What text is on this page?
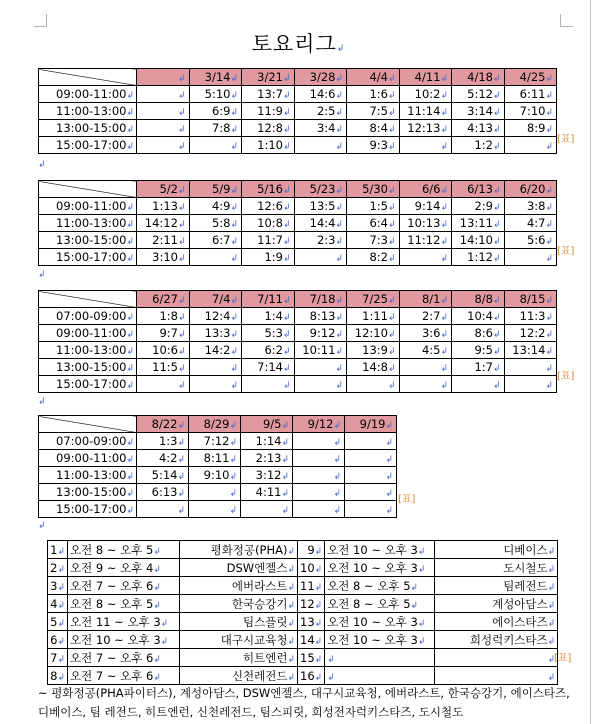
토요리그↲
	↲	3/14↲	3/21↲	3/28↲	4/4↲	4/11↲	4/18↲	4/25↲
09:00-11:00↲	↲	5:10↲	13:7↲	14:6↲	1:6↲	10:2↲	5:12↲	6:11↲
11:00-13:00↲	↲	6:9↲	11:9↲	2:5↲	7:5↲	11:14↲	3:14↲	7:10↲
13:00-15:00↲	↲	7:8↲	12:8↲	3:4↲	8:4↲	12:13↲	4:13↲	8:9↲
15:00-17:00↲	↲	↲	1:10↲	↲	9:3↲	↲	1:2↲	↲
[표]
	5/2↲	5/9↲	5/16↲	5/23↲	5/30↲	6/6↲	6/13↲	6/20↲
09:00-11:00↲	1:13↲	4:9↲	12:6↲	13:5↲	1:5↲	9:14↲	2:9↲	3:8↲
11:00-13:00↲	14:12↲	5:8↲	10:8↲	14:4↲	6:4↲	10:13↲	13:11↲	4:7↲
13:00-15:00↲	2:11↲	6:7↲	11:7↲	2:3↲	7:3↲	11:12↲	14:10↲	5:6↲
15:00-17:00↲	3:10↲	↲	1:9↲	↲	8:2↲	↲	1:12↲	↲
[표]
	6/27↲	7/4↲	7/11↲	7/18↲	7/25↲	8/1↲	8/8↲	8/15↲
07:00-09:00↲	1:8↲	12:4↲	1:4↲	8:13↲	1:11↲	2:7↲	10:4↲	11:3↲
09:00-11:00↲	9:7↲	13:3↲	5:3↲	9:12↲	12:10↲	3:6↲	8:6↲	12:2↲
11:00-13:00↲	10:6↲	14:2↲	6:2↲	10:11↲	13:9↲	4:5↲	9:5↲	13:14↲
13:00-15:00↲	11:5↲	↲	7:14↲	↲	14:8↲	↲	1:7↲	↲
15:00-17:00↲	↲	↲	↲	↲	↲	↲	↲	↲
[표]
	8/22↲	8/29↲	9/5↲	9/12↲	9/19↲
07:00-09:00↲	1:3↲	7:12↲	1:14↲	↲	↲
09:00-11:00↲	4:2↲	8:11↲	2:13↲	↲	↲
11:00-13:00↲	5:14↲	9:10↲	3:12↲	↲	↲
13:00-15:00↲	6:13↲	↲	4:11↲	↲	↲
15:00-17:00↲	↲	↲	↲	↲	↲
[표]
↲
↲
↲
↲
1↲	오전 8 ~ 오후 5↲	평화정공(PHA)↲	9↲	오전 10 ~ 오후 3↲	디베이스↲
2↲	오전 9 ~ 오후 4↲	DSW엔젤스↲	10↲	오전 10 ~ 오후 3↲	도시철도↲
3↲	오전 7 ~ 오후 6↲	에버라스트↲	11↲	오전 8 ~ 오후 5↲	팀레전드↲
4↲	오전 8 ~ 오후 5↲	한국승강기↲	12↲	오전 8 ~ 오후 5↲	계성아담스↲
5↲	오전 11 ~ 오후 3↲	팀스플릿↲	13↲	오전 10 ~ 오후 3↲	에이스타즈↲
6↲	오전 10 ~ 오후 3↲	대구시교육청↲	14↲	오전 10 ~ 오후 3↲	희성럭키스타즈↲
7↲	오전 7 ~ 오후 6↲	히트엔런↲	15↲	↲	↲
8↲	오전 7 ~ 오후 6↲	신천레전드↲	16↲	↲	↲
~ 평화정공(PHA파이터스), 계성아담스, DSW엔젤스, 대구시교육청, 에버라스트, 한국승강기, 에이스타즈, 디베이스, 팀 레전드, 히트엔런, 신천레전드, 팀스피릿, 희성전자럭키스타즈, 도시철도
[표]
